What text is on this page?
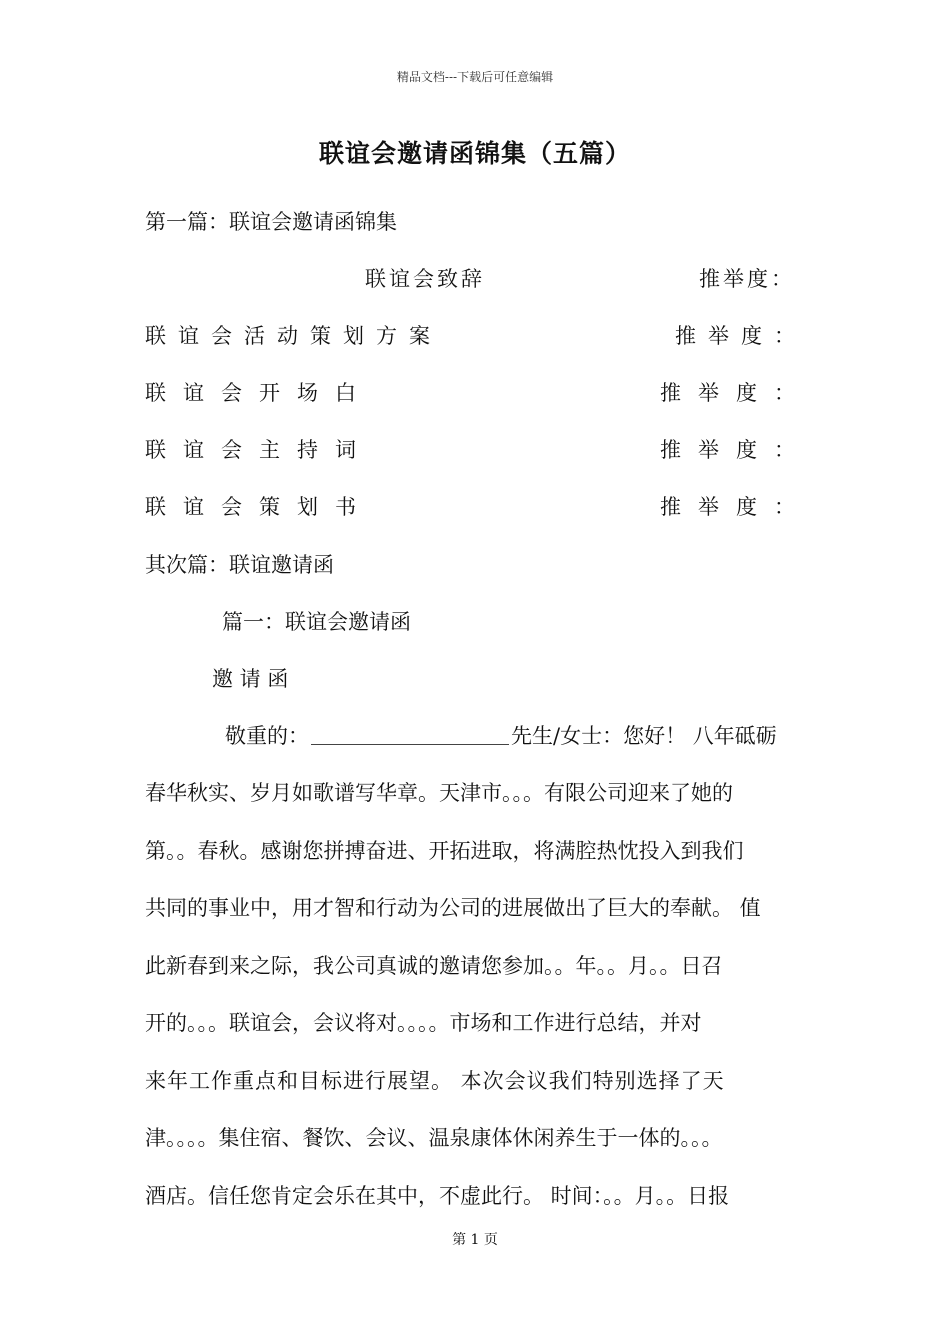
精品文档---下载后可任意编辑
联谊会邀请函锦集（五篇）
第一篇：联谊会邀请函锦集
联谊会致辞	推举度：
联谊会活动策划方案	推举度：
联谊会开场白	推举度：
联谊会主持词	推举度：
联谊会策划书	推举度：
其次篇：联谊邀请函
篇一：联谊会邀请函
邀 请 函
敬重的：	先生/女士：您好！ 八年砥砺
春华秋实、岁月如歌谱写华章。天津市。。。有限公司迎来了她的
第。。春秋。感谢您拼搏奋进、开拓进取，将满腔热忱投入到我们
共同的事业中，用才智和行动为公司的进展做出了巨大的奉献。 值
此新春到来之际，我公司真诚的邀请您参加。。年。。月。。日召
开的。。。联谊会，会议将对。。。。市场和工作进行总结，并对
来年工作重点和目标进行展望。 本次会议我们特别选择了天
津。。。。集住宿、餐饮、会议、温泉康体休闲养生于一体的。。。
酒店。信任您肯定会乐在其中，不虚此行。 时间：。。月。。日报
第 1 页
